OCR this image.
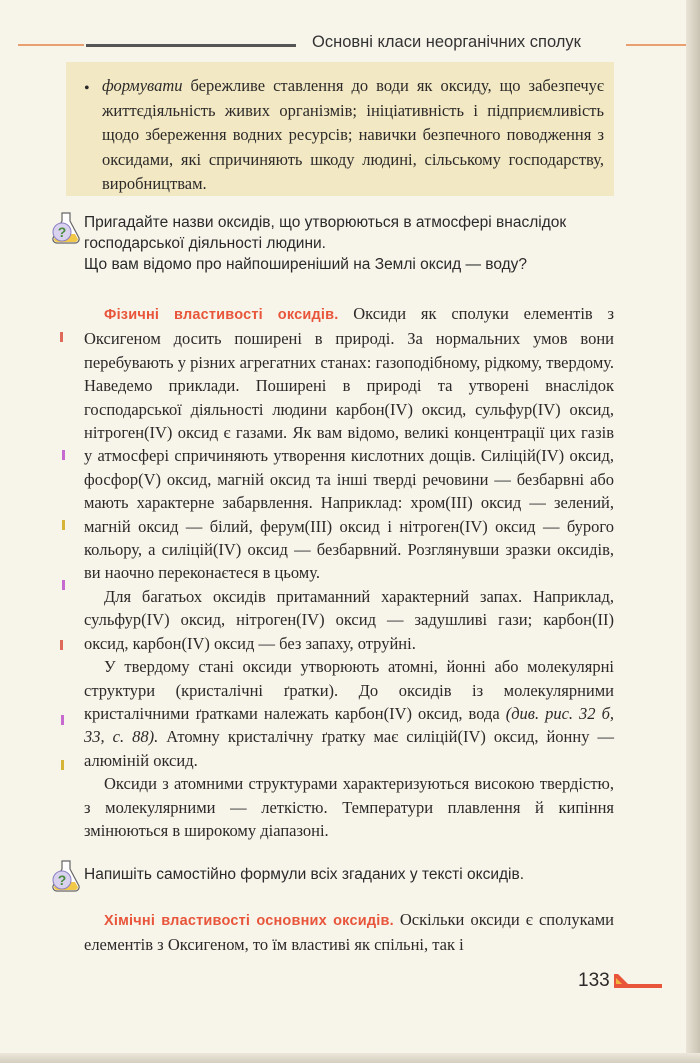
Основні класи неорганічних сполук
• формувати бережливе ставлення до води як оксиду, що забезпечує життєдіяльність живих організмів; ініціативність і підприємливість щодо збереження водних ресурсів; навички безпечного поводження з оксидами, які спричиняють шкоду людині, сільському господарству, виробництвам.
?
Пригадайте назви оксидів, що утворюються в атмосфері внаслідок
господарської діяльності людини.
Що вам відомо про найпоширеніший на Землі оксид — воду?

Фізичні властивості оксидів. Оксиди як сполуки елементів з Оксигеном досить поширені в природі. За нормальних умов вони перебувають у різних агрегатних станах: газоподібному, рідкому, твердому. Наведемо приклади. Поширені в природі та утворені внаслідок господарської діяльності людини карбон(IV) оксид, сульфур(IV) оксид, нітроген(IV) оксид є газами. Як вам відомо, великі концентрації цих газів у атмосфері спричиняють утворення кислотних дощів. Силіцій(IV) оксид, фосфор(V) оксид, магній оксид та інші тверді речовини — безбарвні або мають характерне забарвлення. Наприклад: хром(III) оксид — зелений, магній оксид — білий, ферум(III) оксид і нітроген(IV) оксид — бурого кольору, а силіцій(IV) оксид — безбарвний. Розглянувши зразки оксидів, ви наочно переконаєтеся в цьому.

Для багатьох оксидів притаманний характерний запах. Наприклад, сульфур(IV) оксид, нітроген(IV) оксид — задушливі гази; карбон(II) оксид, карбон(IV) оксид — без запаху, отруйні.

У твердому стані оксиди утворюють атомні, йонні або молекулярні структури (кристалічні ґратки). До оксидів із молекулярними кристалічними ґратками належать карбон(IV) оксид, вода (див. рис. 32 б, 33, с. 88). Атомну кристалічну ґратку має силіцій(IV) оксид, йонну — алюміній оксид.

Оксиди з атомними структурами характеризуються високою твердістю, з молекулярними — леткістю. Температури плавлення й кипіння змінюються в широкому діапазоні.

? Напишіть самостійно формули всіх згаданих у тексті оксидів.

Хімічні властивості основних оксидів. Оскільки оксиди є сполуками елементів з Оксигеном, то їм властиві як спільні, так і

133
